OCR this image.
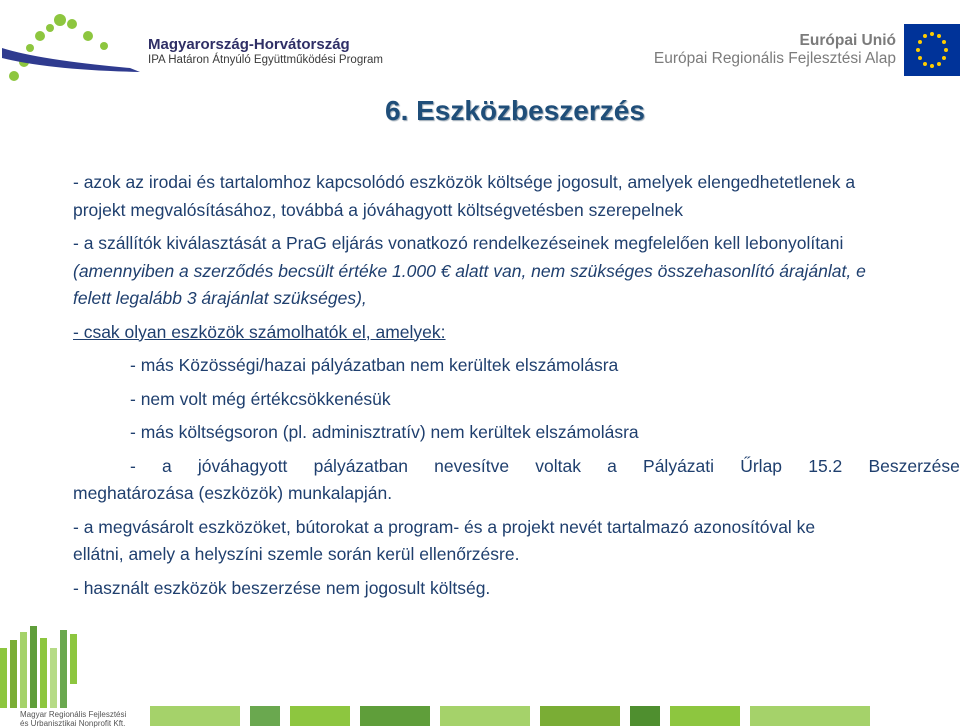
Magyarország-Horvátország
IPA Határon Átnyúló Együttműködési Program
Európai Unió
Európai Regionális Fejlesztési Alap
6. Eszközbeszerzés

- azok az irodai és tartalomhoz kapcsolódó eszközök költsége jogosult, amelyek elengedhetetlenek a

projekt megvalósításához, továbbá a jóváhagyott költségvetésben szerepelnek

- a szállítók kiválasztását a PraG eljárás vonatkozó rendelkezéseinek megfelelően kell lebonyolítani

(amennyiben a szerződés becsült értéke 1.000 € alatt van, nem szükséges összehasonlító árajánlat, e

felett legalább 3 árajánlat szükséges),

- csak olyan eszközök számolhatók el, amelyek:

- más Közösségi/hazai pályázatban nem kerültek elszámolásra

- nem volt még értékcsökkenésük

- más költségsoron (pl. adminisztratív) nem kerültek elszámolásra

- a jóváhagyott pályázatban nevesítve voltak a Pályázati Űrlap 15.2 Beszerzése

meghatározása (eszközök) munkalapján.

- a megvásárolt eszközöket, bútorokat a program- és a projekt nevét tartalmazó azonosítóval ke

ellátni, amely a helyszíni szemle során kerül ellenőrzésre.

- használt eszközök beszerzése nem jogosult költség.

Magyar Regionális Fejlesztési
és Urbanisztikai Nonprofit Kft.
